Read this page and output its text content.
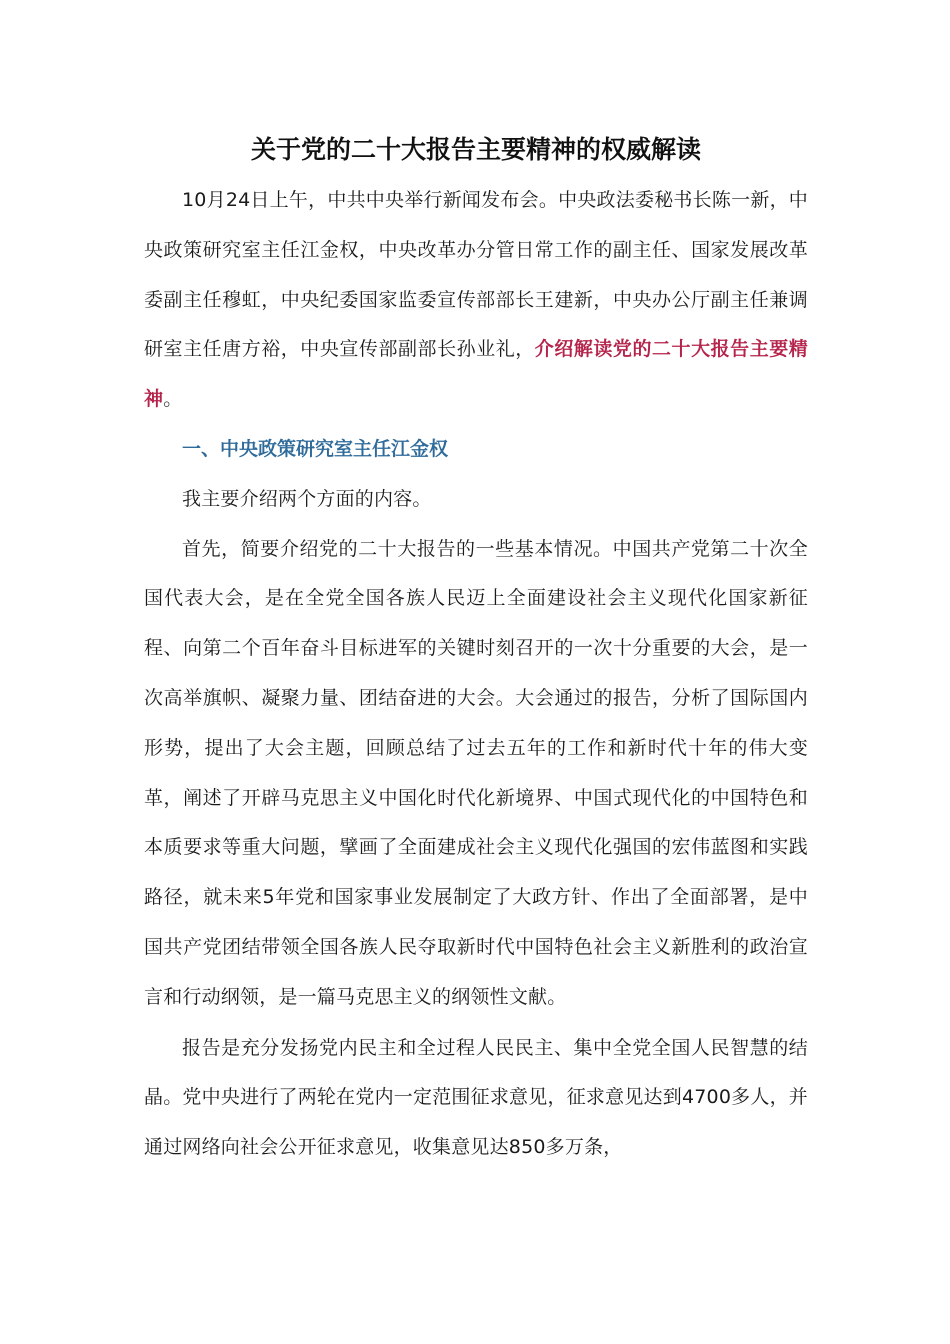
关于党的二十大报告主要精神的权威解读

10月24日上午，中共中央举行新闻发布会。中央政法委秘书长陈一新，中央政策研究室主任江金权，中央改革办分管日常工作的副主任、国家发展改革委副主任穆虹，中央纪委国家监委宣传部部长王建新，中央办公厅副主任兼调研室主任唐方裕，中央宣传部副部长孙业礼，介绍解读党的二十大报告主要精神。

一、中央政策研究室主任江金权

我主要介绍两个方面的内容。

首先，简要介绍党的二十大报告的一些基本情况。中国共产党第二十次全国代表大会，是在全党全国各族人民迈上全面建设社会主义现代化国家新征程、向第二个百年奋斗目标进军的关键时刻召开的一次十分重要的大会，是一次高举旗帜、凝聚力量、团结奋进的大会。大会通过的报告，分析了国际国内形势，提出了大会主题，回顾总结了过去五年的工作和新时代十年的伟大变革，阐述了开辟马克思主义中国化时代化新境界、中国式现代化的中国特色和本质要求等重大问题，擘画了全面建成社会主义现代化强国的宏伟蓝图和实践路径，就未来5年党和国家事业发展制定了大政方针、作出了全面部署，是中国共产党团结带领全国各族人民夺取新时代中国特色社会主义新胜利的政治宣言和行动纲领，是一篇马克思主义的纲领性文献。

报告是充分发扬党内民主和全过程人民民主、集中全党全国人民智慧的结晶。党中央进行了两轮在党内一定范围征求意见，征求意见达到4700多人，并通过网络向社会公开征求意见，收集意见达850多万条，
